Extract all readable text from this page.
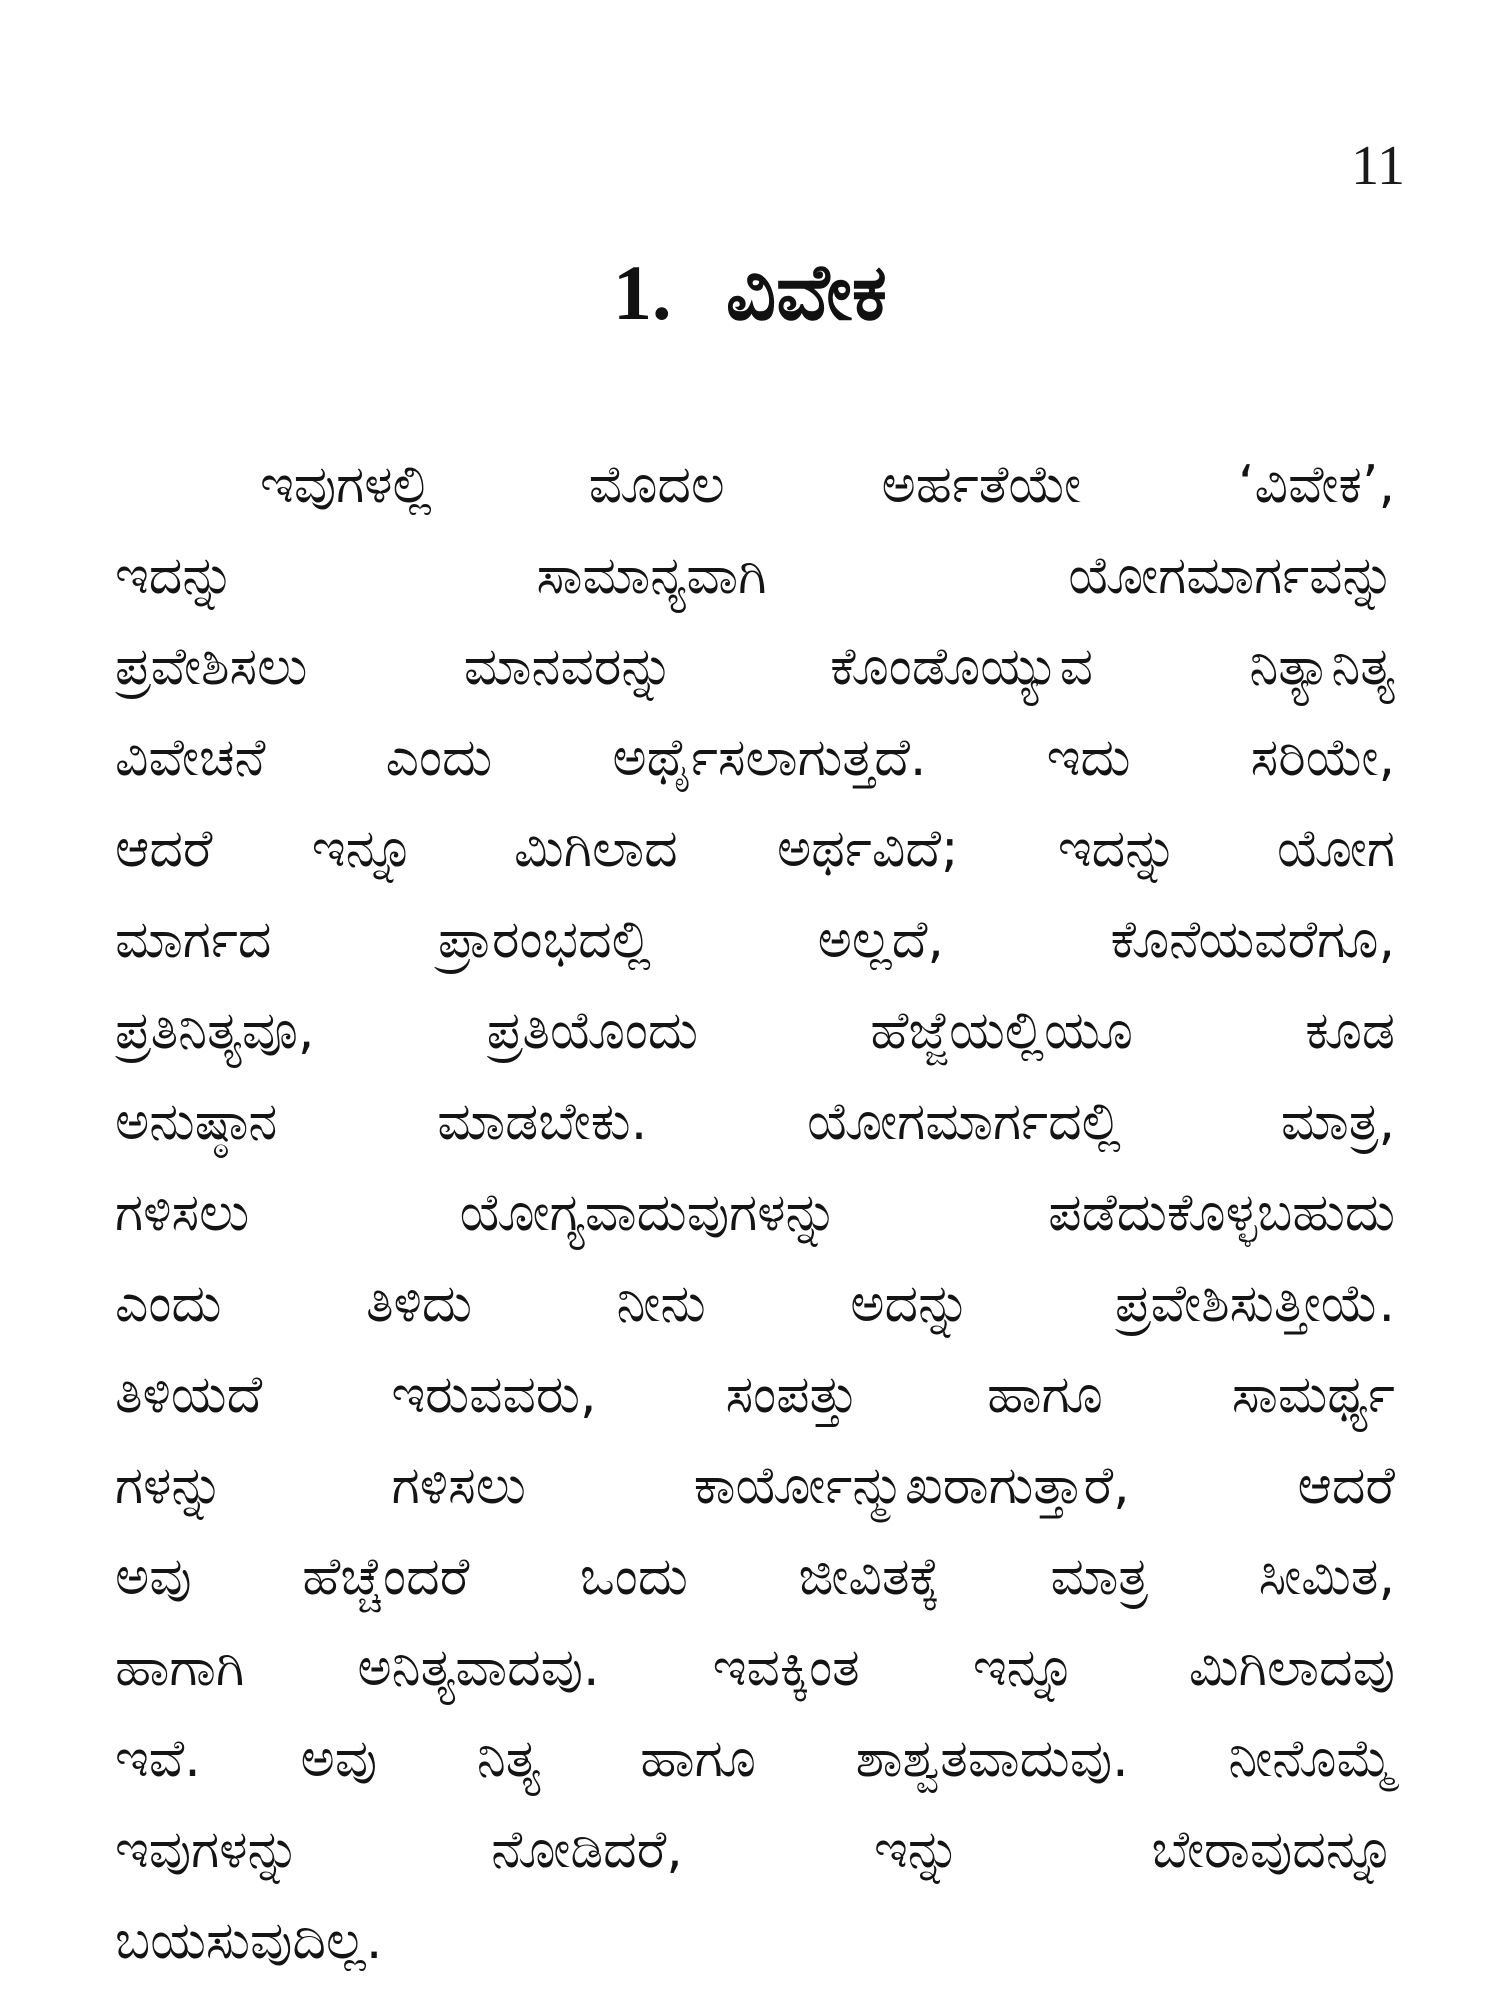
11
1. ವಿವೇಕ
ಇವುಗಳಲ್ಲಿ ಮೊದಲ ಅರ್ಹತೆಯೇ ‘ವಿವೇಕ’,
ಇದನ್ನು ಸಾಮಾನ್ಯವಾಗಿ ಯೋಗಮಾರ್ಗವನ್ನು
ಪ್ರವೇಶಿಸಲು ಮಾನವರನ್ನು ಕೊಂಡೊಯ್ಯುವ ನಿತ್ಯಾನಿತ್ಯ
ವಿವೇಚನೆ ಎಂದು ಅರ್ಥೈಸಲಾಗುತ್ತದೆ. ಇದು ಸರಿಯೇ,
ಆದರೆ ಇನ್ನೂ ಮಿಗಿಲಾದ ಅರ್ಥವಿದೆ; ಇದನ್ನು ಯೋಗ
ಮಾರ್ಗದ ಪ್ರಾರಂಭದಲ್ಲಿ ಅಲ್ಲದೆ, ಕೊನೆಯವರೆಗೂ,
ಪ್ರತಿನಿತ್ಯವೂ, ಪ್ರತಿಯೊಂದು ಹೆಜ್ಜೆಯಲ್ಲಿಯೂ ಕೂಡ
ಅನುಷ್ಠಾನ ಮಾಡಬೇಕು. ಯೋಗಮಾರ್ಗದಲ್ಲಿ ಮಾತ್ರ,
ಗಳಿಸಲು ಯೋಗ್ಯವಾದುವುಗಳನ್ನು ಪಡೆದುಕೊಳ್ಳಬಹುದು
ಎಂದು ತಿಳಿದು ನೀನು ಅದನ್ನು ಪ್ರವೇಶಿಸುತ್ತೀಯೆ.
ತಿಳಿಯದೆ ಇರುವವರು, ಸಂಪತ್ತು ಹಾಗೂ ಸಾಮರ್ಥ್ಯ
ಗಳನ್ನು ಗಳಿಸಲು ಕಾರ್ಯೋನ್ಮುಖರಾಗುತ್ತಾರೆ, ಆದರೆ
ಅವು ಹೆಚ್ಚೆಂದರೆ ಒಂದು ಜೀವಿತಕ್ಕೆ ಮಾತ್ರ ಸೀಮಿತ,
ಹಾಗಾಗಿ ಅನಿತ್ಯವಾದವು. ಇವಕ್ಕಿಂತ ಇನ್ನೂ ಮಿಗಿಲಾದವು
ಇವೆ. ಅವು ನಿತ್ಯ ಹಾಗೂ ಶಾಶ್ವತವಾದುವು. ನೀನೊಮ್ಮೆ
ಇವುಗಳನ್ನು ನೋಡಿದರೆ, ಇನ್ನು ಬೇರಾವುದನ್ನೂ
ಬಯಸುವುದಿಲ್ಲ.
